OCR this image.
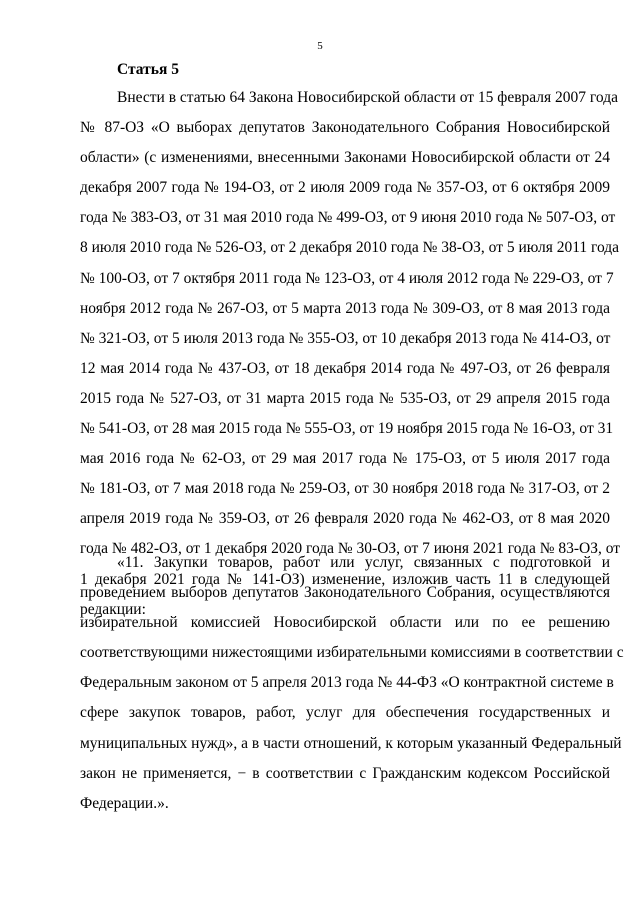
5
Статья 5
Внести в статью 64 Закона Новосибирской области от 15 февраля 2007 года
№ 87-ОЗ «О выборах депутатов Законодательного Собрания Новосибирской
области» (с изменениями, внесенными Законами Новосибирской области от 24
декабря 2007 года № 194-ОЗ, от 2 июля 2009 года № 357-ОЗ, от 6 октября 2009
года № 383-ОЗ, от 31 мая 2010 года № 499-ОЗ, от 9 июня 2010 года № 507-ОЗ, от
8 июля 2010 года № 526-ОЗ, от 2 декабря 2010 года № 38-ОЗ, от 5 июля 2011 года
№ 100-ОЗ, от 7 октября 2011 года № 123-ОЗ, от 4 июля 2012 года № 229-ОЗ, от 7
ноября 2012 года № 267-ОЗ, от 5 марта 2013 года № 309-ОЗ, от 8 мая 2013 года
№ 321-ОЗ, от 5 июля 2013 года № 355-ОЗ, от 10 декабря 2013 года № 414-ОЗ, от
12 мая 2014 года № 437-ОЗ, от 18 декабря 2014 года № 497-ОЗ, от 26 февраля
2015 года № 527-ОЗ, от 31 марта 2015 года № 535-ОЗ, от 29 апреля 2015 года
№ 541-ОЗ, от 28 мая 2015 года № 555-ОЗ, от 19 ноября 2015 года № 16-ОЗ, от 31
мая 2016 года № 62-ОЗ, от 29 мая 2017 года № 175-ОЗ, от 5 июля 2017 года
№ 181-ОЗ, от 7 мая 2018 года № 259-ОЗ, от 30 ноября 2018 года № 317-ОЗ, от 2
апреля 2019 года № 359-ОЗ, от 26 февраля 2020 года № 462-ОЗ, от 8 мая 2020
года № 482-ОЗ, от 1 декабря 2020 года № 30-ОЗ, от 7 июня 2021 года № 83-ОЗ, от
1 декабря 2021 года № 141-ОЗ) изменение, изложив часть 11 в следующей
редакции:
«11. Закупки товаров, работ или услуг, связанных с подготовкой и
проведением выборов депутатов Законодательного Собрания, осуществляются
избирательной комиссией Новосибирской области или по ее решению
соответствующими нижестоящими избирательными комиссиями в соответствии с
Федеральным законом от 5 апреля 2013 года № 44-ФЗ «О контрактной системе в
сфере закупок товаров, работ, услуг для обеспечения государственных и
муниципальных нужд», а в части отношений, к которым указанный Федеральный
закон не применяется, − в соответствии с Гражданским кодексом Российской
Федерации.».
